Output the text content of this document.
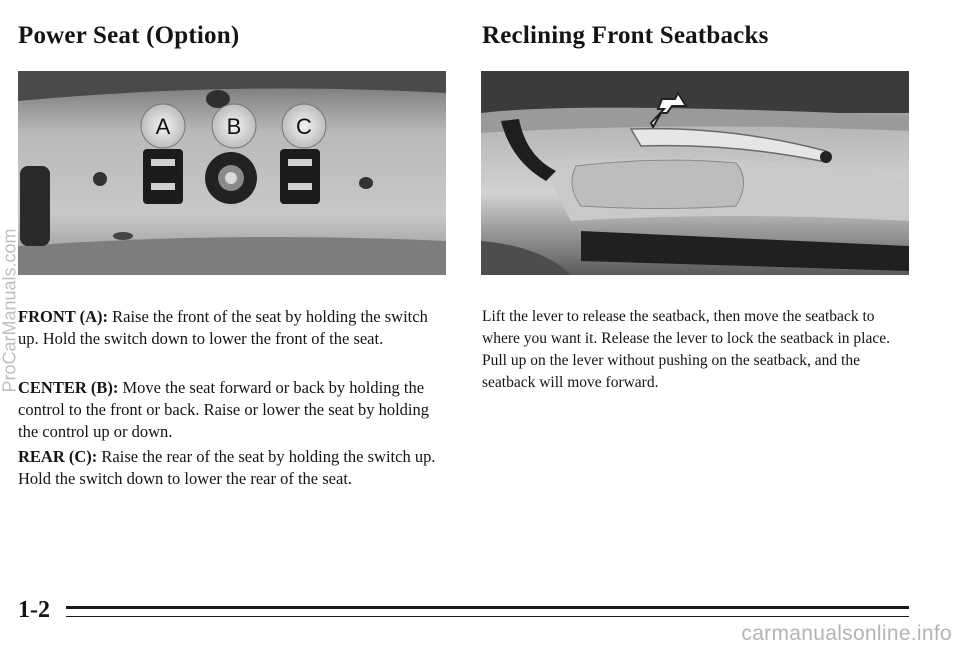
Power Seat (Option)	Reclining Front Seatbacks
A	B C

FRONT (A): Raise the front of the seat by holding the switch up. Hold the switch down to lower the front of the seat.

CENTER (B): Move the seat forward or back by holding the control to the front or back. Raise or lower the seat by holding the control up or down.

REAR (C): Raise the rear of the seat by holding the switch up. Hold the switch down to lower the rear of the seat.

Lift the lever to release the seatback, then move the seatback to where you want it. Release the lever to lock the seatback in place. Pull up on the lever without pushing on the seatback, and the seatback will move forward.

1-2
ProCarManuals.com
carmanualsonline.info
